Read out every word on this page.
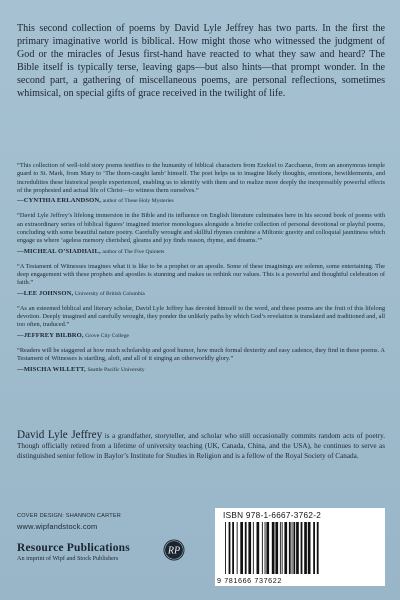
This second collection of poems by David Lyle Jeffrey has two parts. In the first the primary imaginative world is biblical. How might those who witnessed the judgment of God or the miracles of Jesus first-hand have reacted to what they saw and heard? The Bible itself is typically terse, leaving gaps—but also hints—that prompt wonder. In the second part, a gathering of miscellaneous poems, are personal reflections, sometimes whimsical, on special gifts of grace received in the twilight of life.

“This collection of well-told story poems testifies to the humanity of biblical characters from Ezekiel to Zacchaeus, from an anonymous temple guard to St. Mark, from Mary to ‘The thorn-caught lamb’ himself. The poet helps us to imagine likely thoughts, emotions, bewilderments, and incredulities these historical people experienced, enabling us to identify with them and to realize more deeply the inexpressibly powerful effects of the prophesied and actual life of Christ—to witness them ourselves.”

—CYNTHIA ERLANDSON, author of These Holy Mysteries

“David Lyle Jeffrey’s lifelong immersion in the Bible and its influence on English literature culminates here in his second book of poems with an extraordinary series of biblical figures’ imagined interior monologues alongside a briefer collection of personal devotional or playful poems, concluding with some beautiful nature poetry. Carefully wrought and skillful rhymes combine a Miltonic gravity and colloquial jauntiness which engage us where ‘ageless memory cherished, gleams and joy finds reason, rhyme, and dreams.’”

—MICHEAL O’SIADHAIL, author of The Five Quintets

“A Testament of Witnesses imagines what it is like to be a prophet or an apostle. Some of these imaginings are solemn, some entertaining. The deep engagement with these prophets and apostles is stunning and makes us rethink our values. This is a powerful and thoughtful celebration of faith.”

—LEE JOHNSON, University of British Columbia

“As an esteemed biblical and literary scholar, David Lyle Jeffrey has devoted himself to the word, and these poems are the fruit of this lifelong devotion. Deeply imagined and carefully wrought, they ponder the unlikely paths by which God’s revelation is translated and traditioned and, all too often, traduced.”

—JEFFREY BILBRO, Grove City College

“Readers will be staggered at how much scholarship and good humor, how much formal dexterity and easy cadence, they find in these poems. A Testament of Witnesses is startling, aloft, and all of it singing an otherworldly glory.”

—MISCHA WILLETT, Seattle Pacific University

David Lyle Jeffrey is a grandfather, storyteller, and scholar who still occasionally commits random acts of poetry. Though officially retired from a lifetime of university teaching (UK, Canada, China, and the USA), he continues to serve as distinguished senior fellow in Baylor’s Institute for Studies in Religion and is a fellow of the Royal Society of Canada.

COVER DESIGN: SHANNON CARTER
www.wipfandstock.com
Resource Publications
An imprint of Wipf and Stock Publishers
RP
ISBN 978-1-6667-3762-2
9 781666 737622
